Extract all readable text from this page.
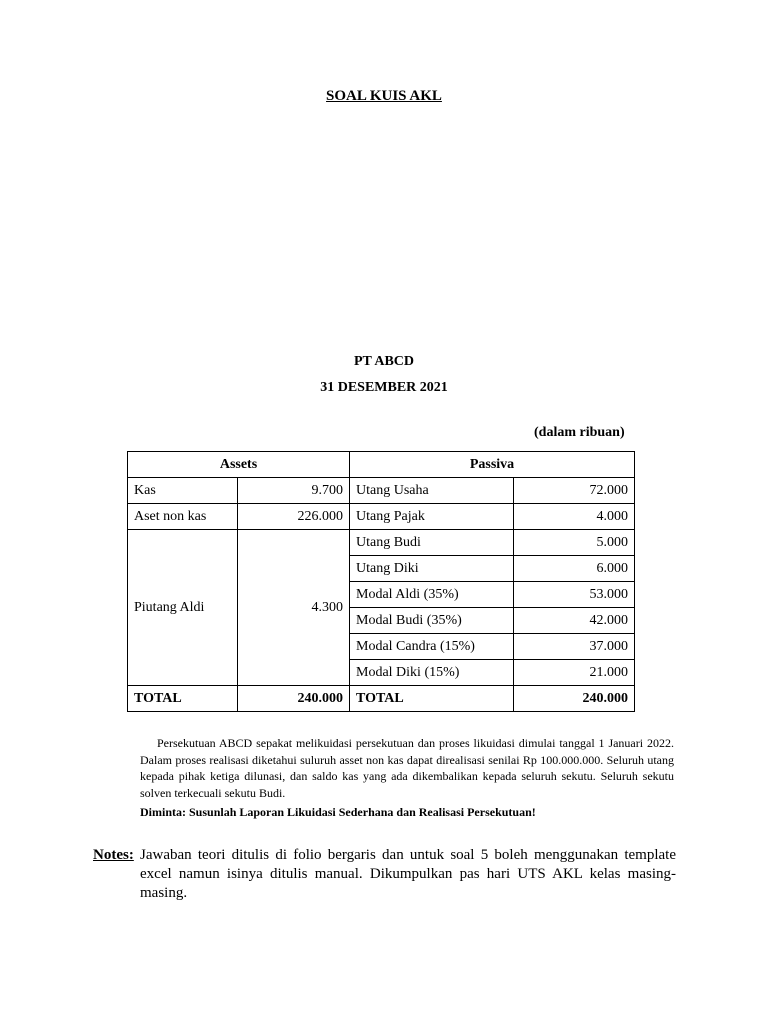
SOAL KUIS AKL
PT ABCD
31 DESEMBER 2021
(dalam ribuan)
Assets		Passiva	
Kas	9.700	Utang Usaha	72.000
Aset non kas	226.000	Utang Pajak	4.000
Piutang Aldi	4.300	Utang Budi	5.000
		Utang Diki	6.000
		Modal Aldi (35%)	53.000
		Modal Budi (35%)	42.000
		Modal Candra (15%)	37.000
		Modal Diki (15%)	21.000
TOTAL	240.000	TOTAL	240.000
Persekutuan ABCD sepakat melikuidasi persekutuan dan proses likuidasi dimulai tanggal 1 Januari 2022. Dalam proses realisasi diketahui suluruh asset non kas dapat direalisasi senilai Rp 100.000.000. Seluruh utang kepada pihak ketiga dilunasi, dan saldo kas yang ada dikembalikan kepada seluruh sekutu. Seluruh sekutu solven terkecuali sekutu Budi.
Diminta: Susunlah Laporan Likuidasi Sederhana dan Realisasi Persekutuan!
Notes: Jawaban teori ditulis di folio bergaris dan untuk soal 5 boleh menggunakan template excel namun isinya ditulis manual. Dikumpulkan pas hari UTS AKL kelas masing-masing.
